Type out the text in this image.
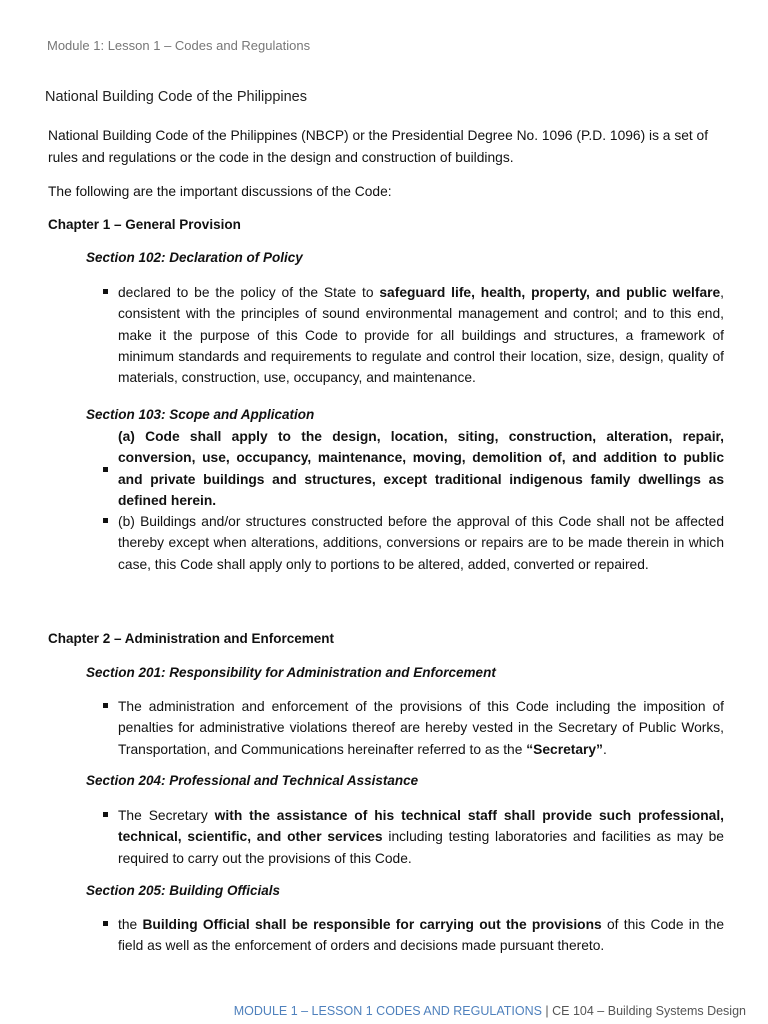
Module 1: Lesson 1 – Codes and Regulations
National Building Code of the Philippines
National Building Code of the Philippines (NBCP) or the Presidential Degree No. 1096 (P.D. 1096) is a set of rules and regulations or the code in the design and construction of buildings.
The following are the important discussions of the Code:
Chapter 1 – General Provision
Section 102: Declaration of Policy
declared to be the policy of the State to safeguard life, health, property, and public welfare, consistent with the principles of sound environmental management and control; and to this end, make it the purpose of this Code to provide for all buildings and structures, a framework of minimum standards and requirements to regulate and control their location, size, design, quality of materials, construction, use, occupancy, and maintenance.
Section 103: Scope and Application
(a) Code shall apply to the design, location, siting, construction, alteration, repair, conversion, use, occupancy, maintenance, moving, demolition of, and addition to public and private buildings and structures, except traditional indigenous family dwellings as defined herein.
(b) Buildings and/or structures constructed before the approval of this Code shall not be affected thereby except when alterations, additions, conversions or repairs are to be made therein in which case, this Code shall apply only to portions to be altered, added, converted or repaired.
Chapter 2 – Administration and Enforcement
Section 201: Responsibility for Administration and Enforcement
The administration and enforcement of the provisions of this Code including the imposition of penalties for administrative violations thereof are hereby vested in the Secretary of Public Works, Transportation, and Communications hereinafter referred to as the “Secretary”.
Section 204: Professional and Technical Assistance
The Secretary with the assistance of his technical staff shall provide such professional, technical, scientific, and other services including testing laboratories and facilities as may be required to carry out the provisions of this Code.
Section 205: Building Officials
the Building Official shall be responsible for carrying out the provisions of this Code in the field as well as the enforcement of orders and decisions made pursuant thereto.
MODULE 1 – LESSON 1 CODES AND REGULATIONS | CE 104 – Building Systems Design
